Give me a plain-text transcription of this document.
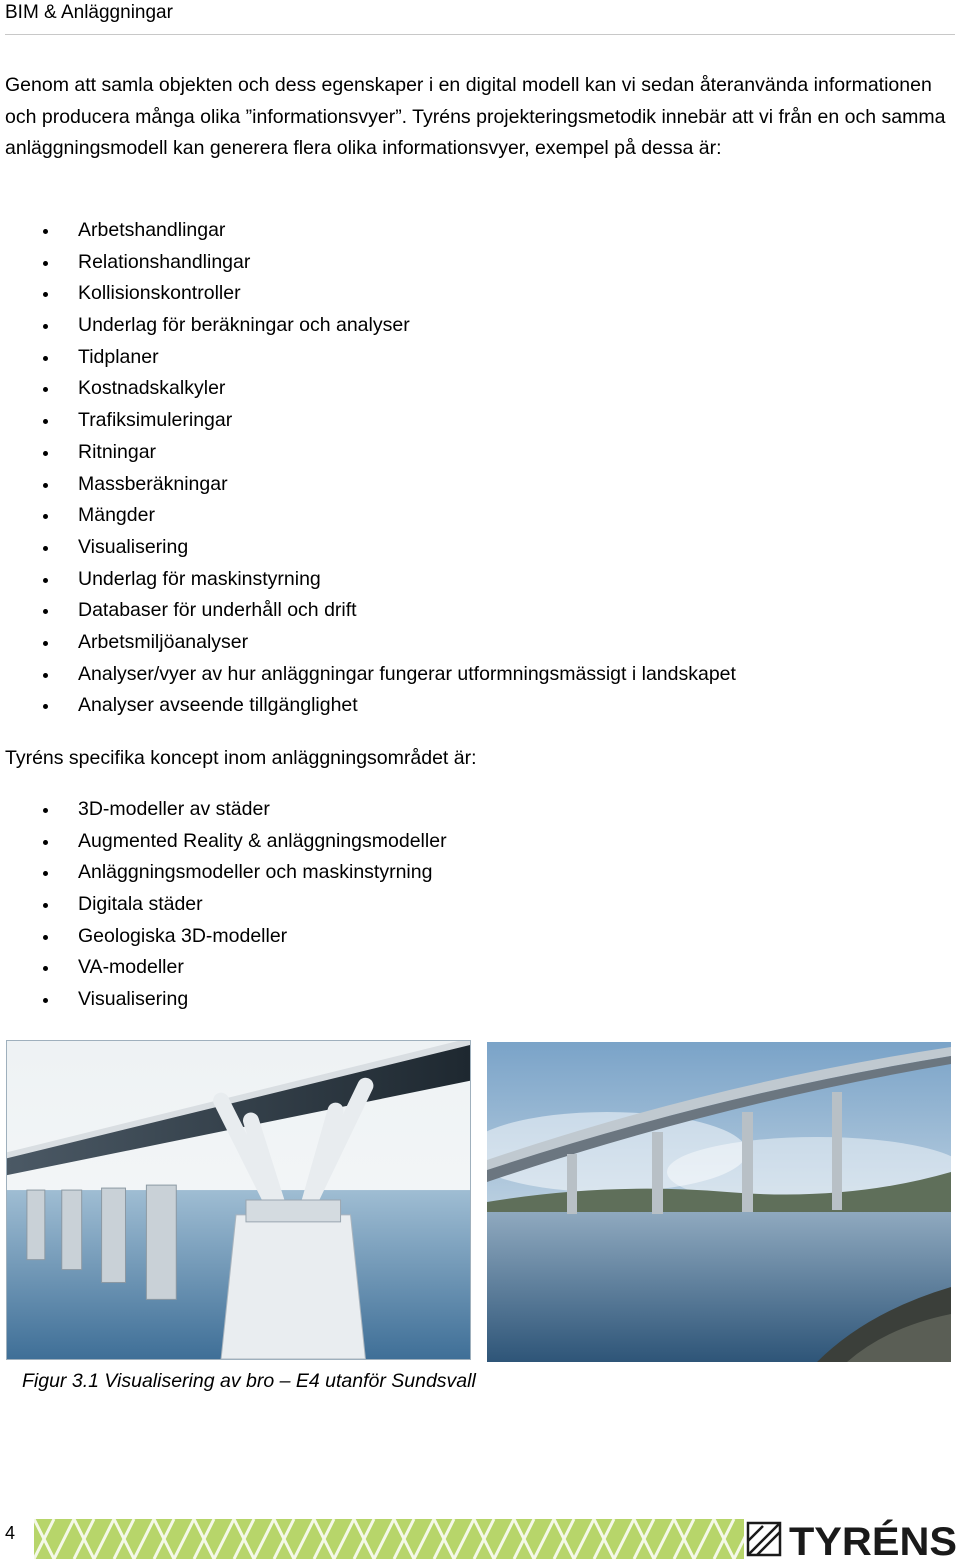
BIM & Anläggningar

Genom att samla objekten och dess egenskaper i en digital modell kan vi sedan återanvända informationen och producera många olika ”informationsvyer”. Tyréns projekteringsmetodik innebär att vi från en och samma anläggningsmodell kan generera flera olika informationsvyer, exempel på dessa är:

Arbetshandlingar
Relationshandlingar
Kollisionskontroller
Underlag för beräkningar och analyser
Tidplaner
Kostnadskalkyler
Trafiksimuleringar
Ritningar
Massberäkningar
Mängder
Visualisering
Underlag för maskinstyrning
Databaser för underhåll och drift
Arbetsmiljöanalyser
Analyser/vyer av hur anläggningar fungerar utformningsmässigt i landskapet
Analyser avseende tillgänglighet
Tyréns specifika koncept inom anläggningsområdet är:
3D-modeller av städer
Augmented Reality & anläggningsmodeller
Anläggningsmodeller och maskinstyrning
Digitala städer
Geologiska 3D-modeller
VA-modeller
Visualisering
Figur 3.1 Visualisering av bro – E4 utanför Sundsvall
4	TYRÉNS
